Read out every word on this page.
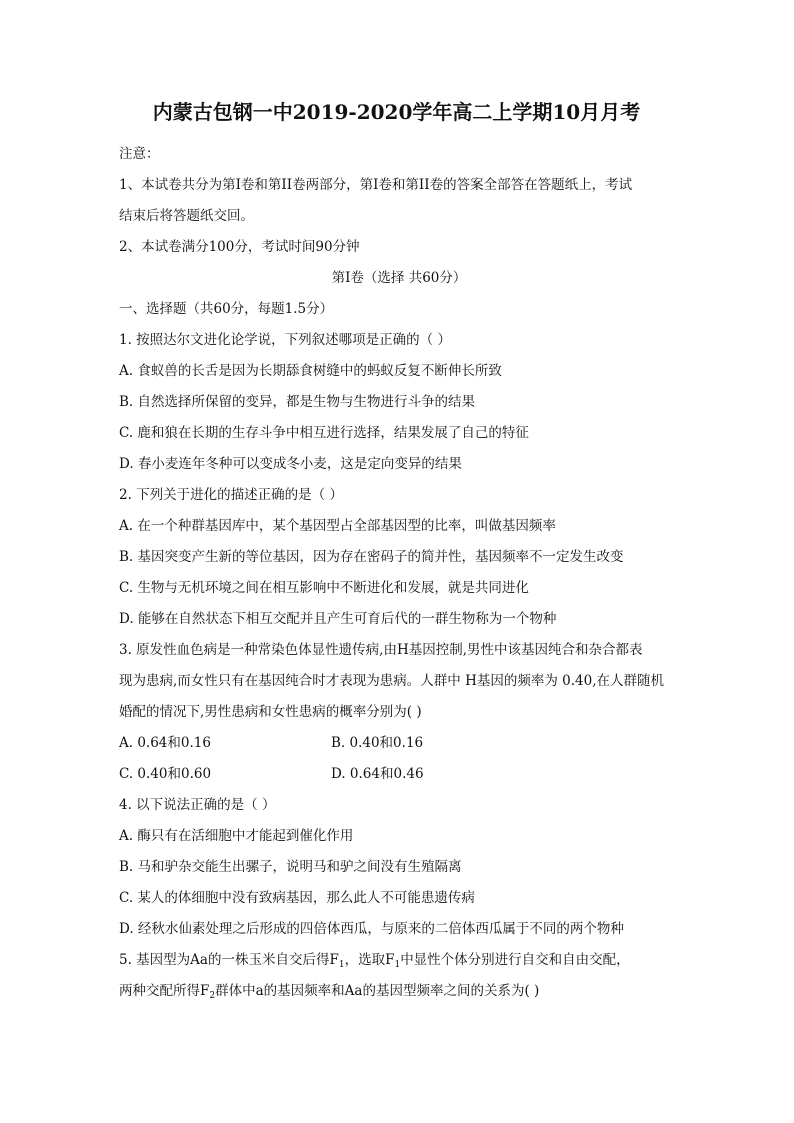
内蒙古包钢一中2019-2020学年高二上学期10月月考

注意：

1、本试卷共分为第I卷和第II卷两部分，第I卷和第II卷的答案全部答在答题纸上，考试

结束后将答题纸交回。

2、本试卷满分100分，考试时间90分钟

第I卷（选择 共60分）

一、选择题（共60分，每题1.5分）

1. 按照达尔文进化论学说，下列叙述哪项是正确的（ ）

A. 食蚁兽的长舌是因为长期舔食树缝中的蚂蚁反复不断伸长所致

B. 自然选择所保留的变异，都是生物与生物进行斗争的结果

C. 鹿和狼在长期的生存斗争中相互进行选择，结果发展了自己的特征

D. 春小麦连年冬种可以变成冬小麦，这是定向变异的结果

2. 下列关于进化的描述正确的是（ ）

A. 在一个种群基因库中，某个基因型占全部基因型的比率，叫做基因频率

B. 基因突变产生新的等位基因，因为存在密码子的简并性，基因频率不一定发生改变

C. 生物与无机环境之间在相互影响中不断进化和发展，就是共同进化

D. 能够在自然状态下相互交配并且产生可育后代的一群生物称为一个物种

3. 原发性血色病是一种常染色体显性遗传病,由H基因控制,男性中该基因纯合和杂合都表

现为患病,而女性只有在基因纯合时才表现为患病。人群中 H基因的频率为 0.40,在人群随机

婚配的情况下,男性患病和女性患病的概率分别为( )

A. 0.64和0.16	B. 0.40和0.16
C. 0.40和0.60	D. 0.64和0.46

4. 以下说法正确的是（ ）

A. 酶只有在活细胞中才能起到催化作用

B. 马和驴杂交能生出骡子，说明马和驴之间没有生殖隔离

C. 某人的体细胞中没有致病基因，那么此人不可能患遗传病

D. 经秋水仙素处理之后形成的四倍体西瓜，与原来的二倍体西瓜属于不同的两个物种

5. 基因型为Aa的一株玉米自交后得$F_1$，选取$F_1$中显性个体分别进行自交和自由交配，

两种交配所得$F_2$群体中a的基因频率和Aa的基因型频率之间的关系为( )
